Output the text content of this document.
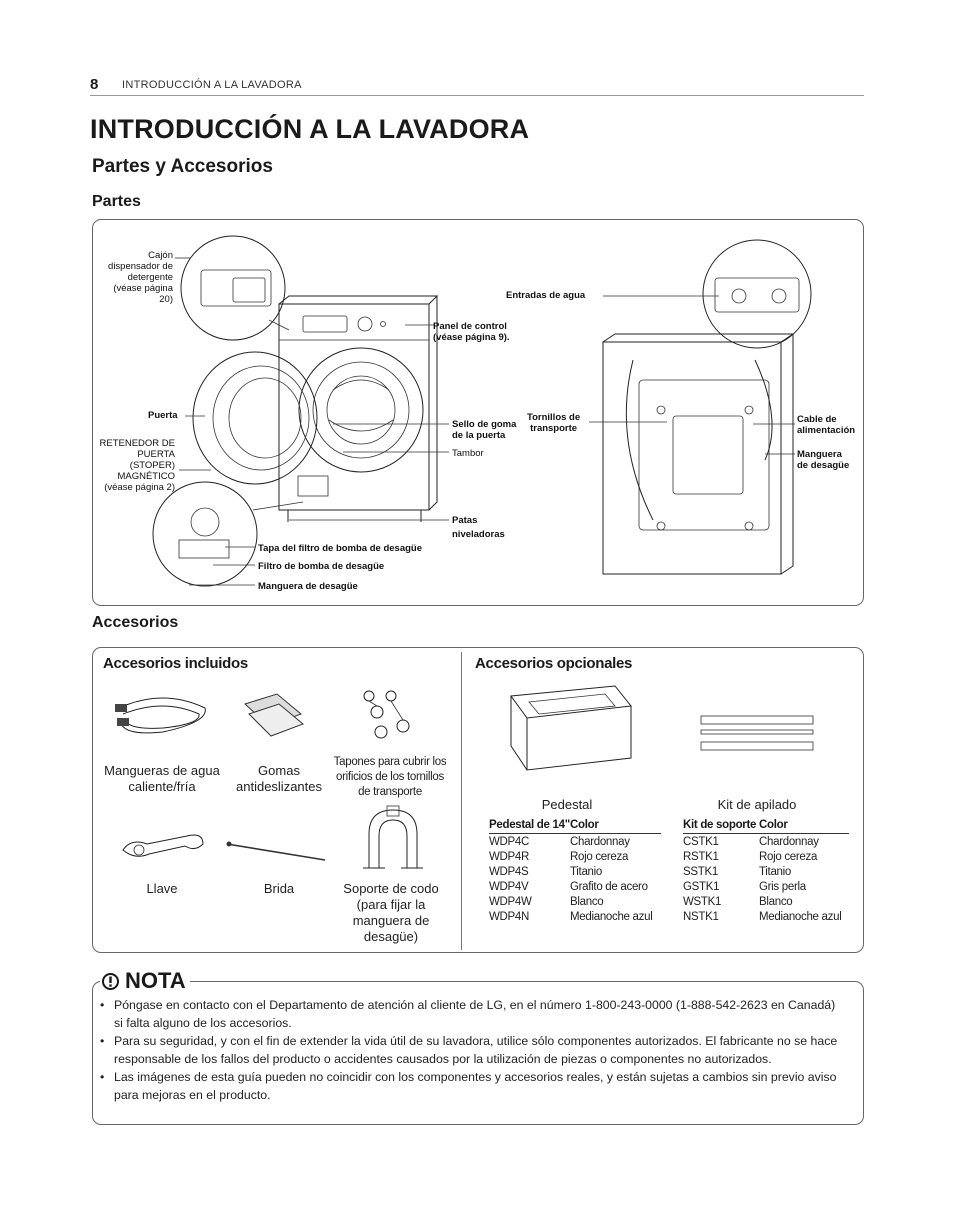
8 INTRODUCCIÓN A LA LAVADORA
INTRODUCCIÓN A LA LAVADORA
Partes y Accesorios
Partes
Cajón
dispensador de
detergente
(véase página
20)
Panel de control
(véase página 9).
Puerta
RETENEDOR DE
PUERTA (STOPER)
MAGNÉTICO
(véase página 2)
Sello de goma
de la puerta
Tambor
Patas
niveladoras
Tapa del filtro de bomba de desagüe
Filtro de bomba de desagüe
Manguera de desagüe
Entradas de agua
Tornillos de
transporte
Cable de
alimentación
Manguera
de desagüe
Accesorios
Accesorios incluidos	Accesorios opcionales
Mangueras de agua caliente/fría
Gomas antideslizantes
Tapones para cubrir los orificios de los tornillos de transporte
Llave	Brida	Soporte de codo (para fijar la manguera de desagüe)
Pedestal	Kit de apilado
Pedestal de 14"	Color
WDP4C	Chardonnay
WDP4R	Rojo cereza
WDP4S	Titanio
WDP4V	Grafito de acero
WDP4W	Blanco
WDP4N	Medianoche azul
Kit de soporte	Color
CSTK1	Chardonnay
RSTK1	Rojo cereza
SSTK1	Titanio
GSTK1	Gris perla
WSTK1	Blanco
NSTK1	Medianoche azul
NOTA
• Póngase en contacto con el Departamento de atención al cliente de LG, en el número 1-800-243-0000 (1-888-542-2623 en Canadá) si falta alguno de los accesorios.
• Para su seguridad, y con el fin de extender la vida útil de su lavadora, utilice sólo componentes autorizados. El fabricante no se hace responsable de los fallos del producto o accidentes causados por la utilización de piezas o componentes no autorizados.
• Las imágenes de esta guía pueden no coincidir con los componentes y accesorios reales, y están sujetas a cambios sin previo aviso para mejoras en el producto.
